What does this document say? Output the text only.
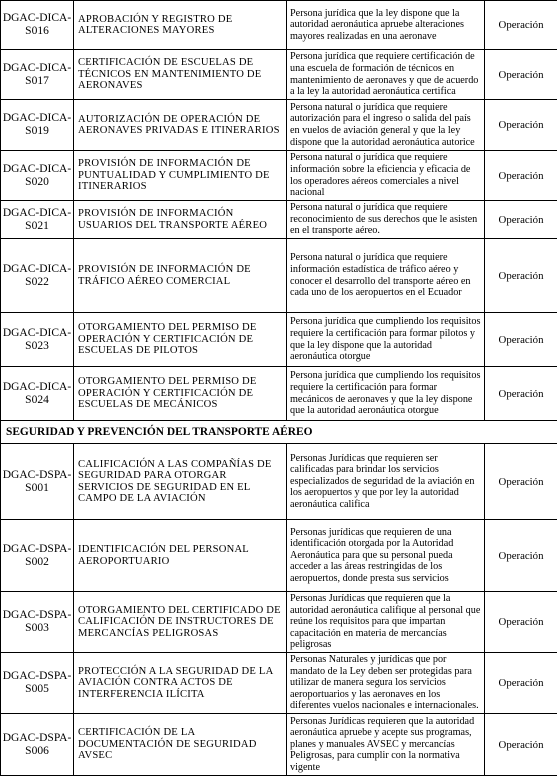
DGAC-DICA-S016	APROBACIÓN Y REGISTRO DE ALTERACIONES MAYORES	Persona jurídica que la ley dispone que la autoridad aeronáutica apruebe alteraciones mayores realizadas en una aeronave	Operación
DGAC-DICA-S017	CERTIFICACIÓN DE ESCUELAS DE TÉCNICOS EN MANTENIMIENTO DE AERONAVES	Persona jurídica que requiere certificación de una escuela de formación de técnicos en mantenimiento de aeronaves y que de acuerdo a la ley la autoridad aeronáutica certifica	Operación
DGAC-DICA-S019	AUTORIZACIÓN DE OPERACIÓN DE AERONAVES PRIVADAS E ITINERARIOS	Persona natural o jurídica que requiere autorización para el ingreso o salida del país en vuelos de aviación general y que la ley dispone que la autoridad aeronáutica autorice	Operación
DGAC-DICA-S020	PROVISIÓN DE INFORMACIÓN DE PUNTUALIDAD Y CUMPLIMIENTO DE ITINERARIOS	Persona natural o jurídica que requiere información sobre la eficiencia y eficacia de los operadores aéreos comerciales a nivel nacional	Operación
DGAC-DICA-S021	PROVISIÓN DE INFORMACIÓN USUARIOS DEL TRANSPORTE AÉREO	Persona natural o jurídica que requiere reconocimiento de sus derechos que le asisten en el transporte aéreo.	Operación
DGAC-DICA-S022	PROVISIÓN DE INFORMACIÓN DE TRÁFICO AÉREO COMERCIAL	Persona natural o jurídica que requiere información estadística de tráfico aéreo y conocer el desarrollo del transporte aéreo en cada uno de los aeropuertos en el Ecuador	Operación
DGAC-DICA-S023	OTORGAMIENTO DEL PERMISO DE OPERACIÓN Y CERTIFICACIÓN DE ESCUELAS DE PILOTOS	Persona jurídica que cumpliendo los requisitos requiere la certificación para formar pilotos y que la ley dispone que la autoridad aeronáutica otorgue	Operación
DGAC-DICA-S024	OTORGAMIENTO DEL PERMISO DE OPERACIÓN Y CERTIFICACIÓN DE ESCUELAS DE MECÁNICOS	Persona jurídica que cumpliendo los requisitos requiere la certificación para formar mecánicos de aeronaves y que la ley dispone que la autoridad aeronáutica otorgue	Operación
SEGURIDAD Y PREVENCIÓN DEL TRANSPORTE AÉREO			
DGAC-DSPA-S001	CALIFICACIÓN A LAS COMPAÑÍAS DE SEGURIDAD PARA OTORGAR SERVICIOS DE SEGURIDAD EN EL CAMPO DE LA AVIACIÓN	Personas Jurídicas que requieren ser calificadas para brindar los servicios especializados de seguridad de la aviación en los aeropuertos y que por ley la autoridad aeronáutica califica	Operación
DGAC-DSPA-S002	IDENTIFICACIÓN DEL PERSONAL AEROPORTUARIO	Personas jurídicas que requieren de una identificación otorgada por la Autoridad Aeronáutica para que su personal pueda acceder a las áreas restringidas de los aeropuertos, donde presta sus servicios	Operación
DGAC-DSPA-S003	OTORGAMIENTO DEL CERTIFICADO DE CALIFICACIÓN DE INSTRUCTORES DE MERCANCÍAS PELIGROSAS	Personas Jurídicas que requieren que la autoridad aeronáutica califique al personal que reúne los requisitos para que impartan capacitación en materia de mercancías peligrosas	Operación
DGAC-DSPA-S005	PROTECCIÓN A LA SEGURIDAD DE LA AVIACIÓN CONTRA ACTOS DE INTERFERENCIA ILÍCITA	Personas Naturales y jurídicas que por mandato de la Ley deben ser protegidas para utilizar de manera segura los servicios aeroportuarios y las aeronaves en los diferentes vuelos nacionales e internacionales.	Operación
DGAC-DSPA-S006	CERTIFICACIÓN DE LA DOCUMENTACIÓN DE SEGURIDAD AVSEC	Personas Jurídicas requieren que la autoridad aeronáutica apruebe y acepte sus programas, planes y manuales AVSEC y mercancías Peligrosas, para cumplir con la normativa vigente	Operación
